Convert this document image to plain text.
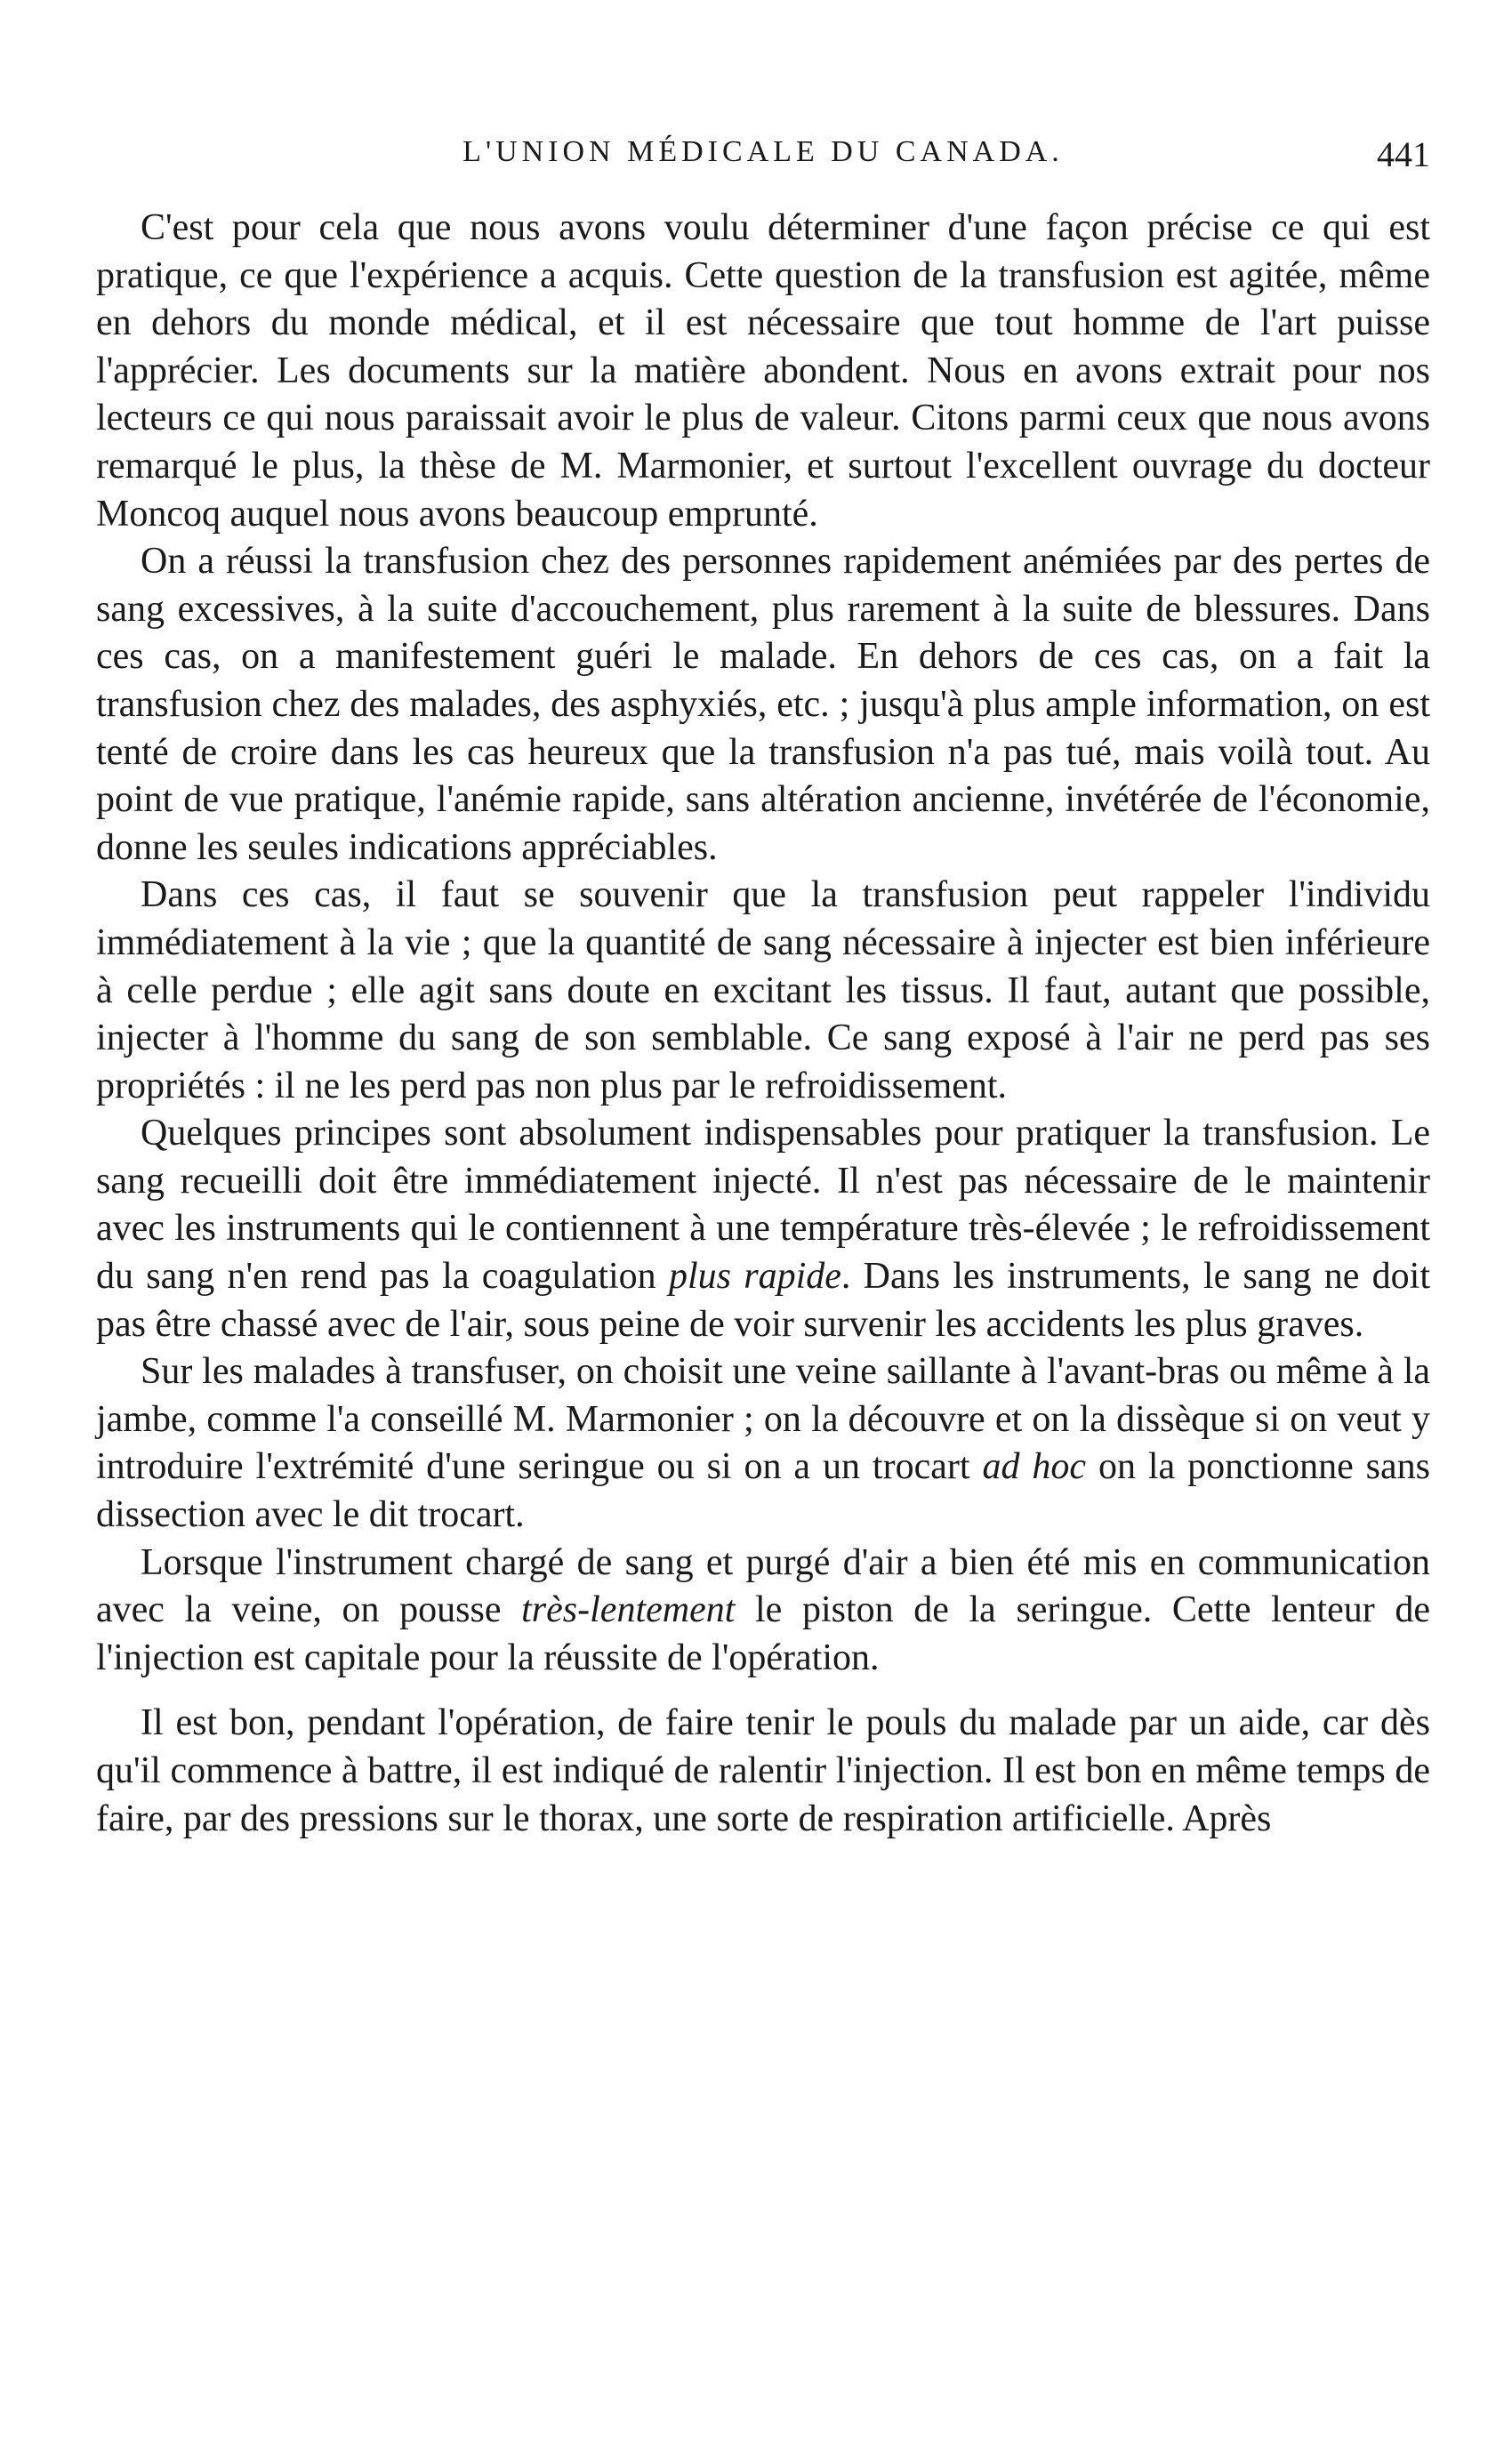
L'UNION MÉDICALE DU CANADA.	441

C'est pour cela que nous avons voulu déterminer d'une façon précise ce qui est pratique, ce que l'expérience a acquis. Cette question de la transfusion est agitée, même en dehors du monde médical, et il est nécessaire que tout homme de l'art puisse l'apprécier. Les documents sur la matière abondent. Nous en avons extrait pour nos lecteurs ce qui nous paraissait avoir le plus de valeur. Citons parmi ceux que nous avons remarqué le plus, la thèse de M. Marmonier, et surtout l'excellent ouvrage du docteur Moncoq auquel nous avons beaucoup emprunté.

On a réussi la transfusion chez des personnes rapidement anémiées par des pertes de sang excessives, à la suite d'accouchement, plus rarement à la suite de blessures. Dans ces cas, on a manifestement guéri le malade. En dehors de ces cas, on a fait la transfusion chez des malades, des asphyxiés, etc. ; jusqu'à plus ample information, on est tenté de croire dans les cas heureux que la transfusion n'a pas tué, mais voilà tout. Au point de vue pratique, l'anémie rapide, sans altération ancienne, invétérée de l'économie, donne les seules indications appréciables.

Dans ces cas, il faut se souvenir que la transfusion peut rappeler l'individu immédiatement à la vie ; que la quantité de sang nécessaire à injecter est bien inférieure à celle perdue ; elle agit sans doute en excitant les tissus. Il faut, autant que possible, injecter à l'homme du sang de son semblable. Ce sang exposé à l'air ne perd pas ses propriétés : il ne les perd pas non plus par le refroidissement.

Quelques principes sont absolument indispensables pour pratiquer la transfusion. Le sang recueilli doit être immédiatement injecté. Il n'est pas nécessaire de le maintenir avec les instruments qui le contiennent à une température très-élevée ; le refroidissement du sang n'en rend pas la coagulation plus rapide. Dans les instruments, le sang ne doit pas être chassé avec de l'air, sous peine de voir survenir les accidents les plus graves.

Sur les malades à transfuser, on choisit une veine saillante à l'avant-bras ou même à la jambe, comme l'a conseillé M. Marmonier ; on la découvre et on la dissèque si on veut y introduire l'extrémité d'une seringue ou si on a un trocart ad hoc on la ponctionne sans dissection avec le dit trocart.

Lorsque l'instrument chargé de sang et purgé d'air a bien été mis en communication avec la veine, on pousse très-lentement le piston de la seringue. Cette lenteur de l'injection est capitale pour la réussite de l'opération.

Il est bon, pendant l'opération, de faire tenir le pouls du malade par un aide, car dès qu'il commence à battre, il est indiqué de ralentir l'injection. Il est bon en même temps de faire, par des pressions sur le thorax, une sorte de respiration artificielle. Après
